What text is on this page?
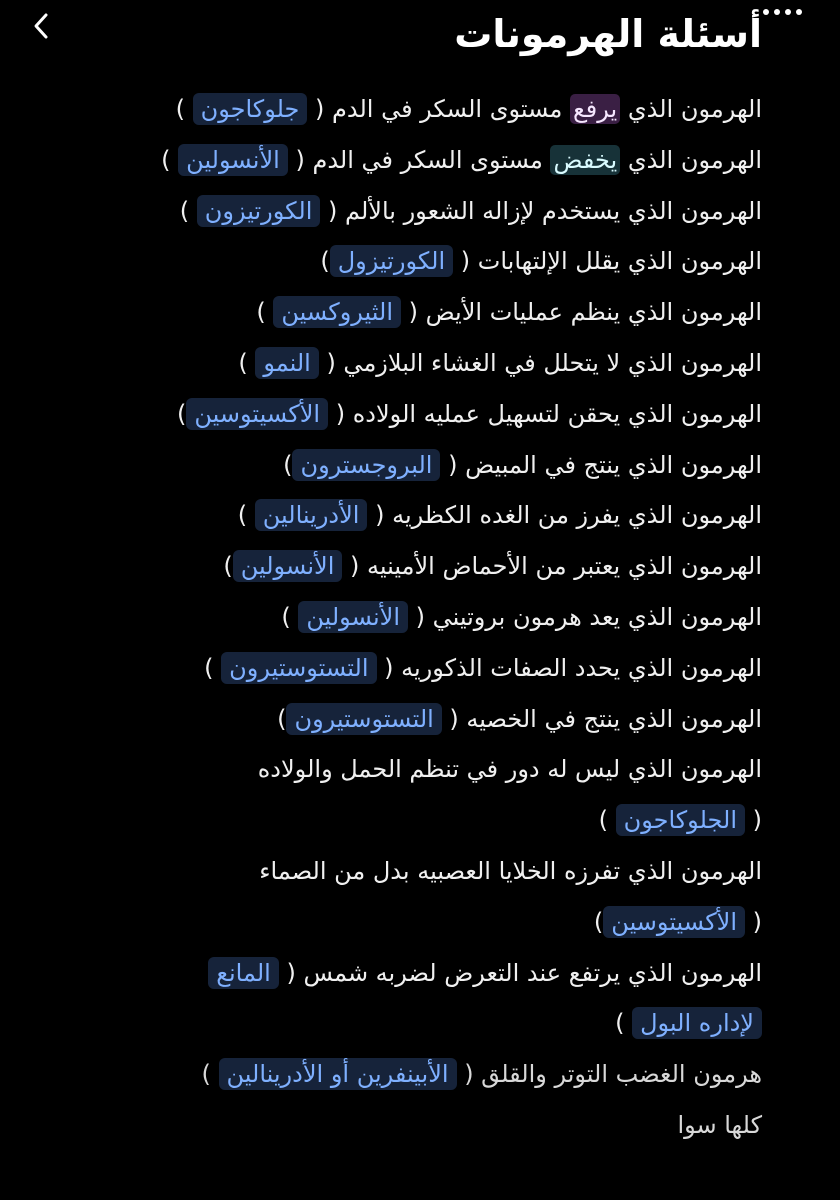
أسئلة الهرمونات
الهرمون الذي يرفع مستوى السكر في الدم ( جلوكاجون )
الهرمون الذي يخفض مستوى السكر في الدم ( الأنسولين )
الهرمون الذي يستخدم لإزاله الشعور بالألم ( الكورتيزون )
الهرمون الذي يقلل الإلتهابات ( الكورتيزول)
الهرمون الذي ينظم عمليات الأيض ( الثيروكسين )
الهرمون الذي لا يتحلل في الغشاء البلازمي ( النمو )
الهرمون الذي يحقن لتسهيل عمليه الولاده ( الأكسيتوسين)
الهرمون الذي ينتج في المبيض ( البروجسترون)
الهرمون الذي يفرز من الغده الكظريه ( الأدرينالين )
الهرمون الذي يعتبر من الأحماض الأمينيه ( الأنسولين)
الهرمون الذي يعد هرمون بروتيني ( الأنسولين )
الهرمون الذي يحدد الصفات الذكوريه ( التستوستيرون )
الهرمون الذي ينتج في الخصيه ( التستوستيرون)
الهرمون الذي ليس له دور في تنظم الحمل والولاده
( الجلوكاجون )
الهرمون الذي تفرزه الخلايا العصبيه بدل من الصماء
( الأكسيتوسين)
الهرمون الذي يرتفع عند التعرض لضربه شمس ( المانع
لإداره البول )
هرمون الغضب التوتر والقلق ( الأبينفرين أو الأدرينالين )
كلها سوا
